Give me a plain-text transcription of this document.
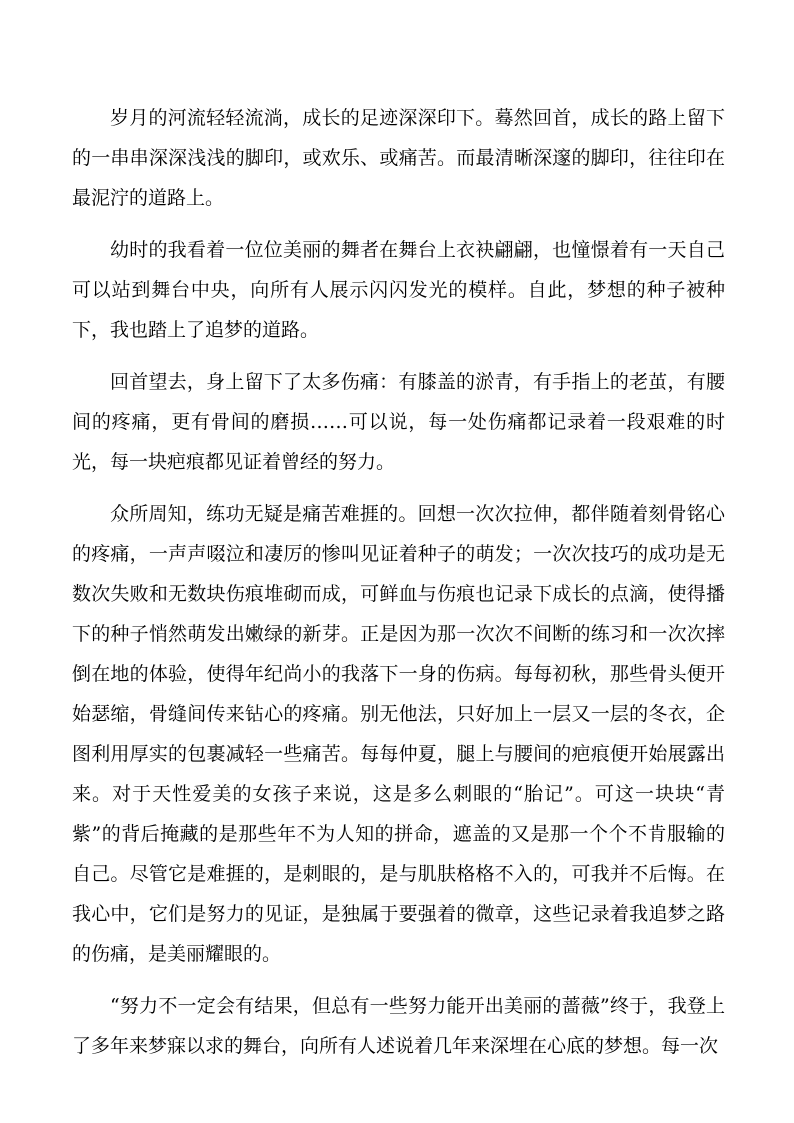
岁月的河流轻轻流淌，成长的足迹深深印下。蓦然回首，成长的路上留下的一串串深深浅浅的脚印，或欢乐、或痛苦。而最清晰深邃的脚印，往往印在最泥泞的道路上。

幼时的我看着一位位美丽的舞者在舞台上衣袂翩翩，也憧憬着有一天自己可以站到舞台中央，向所有人展示闪闪发光的模样。自此，梦想的种子被种下，我也踏上了追梦的道路。

回首望去，身上留下了太多伤痛：有膝盖的淤青，有手指上的老茧，有腰间的疼痛，更有骨间的磨损……可以说，每一处伤痛都记录着一段艰难的时光，每一块疤痕都见证着曾经的努力。

众所周知，练功无疑是痛苦难捱的。回想一次次拉伸，都伴随着刻骨铭心的疼痛，一声声啜泣和凄厉的惨叫见证着种子的萌发；一次次技巧的成功是无数次失败和无数块伤痕堆砌而成，可鲜血与伤痕也记录下成长的点滴，使得播下的种子悄然萌发出嫩绿的新芽。正是因为那一次次不间断的练习和一次次摔倒在地的体验，使得年纪尚小的我落下一身的伤病。每每初秋，那些骨头便开始瑟缩，骨缝间传来钻心的疼痛。别无他法，只好加上一层又一层的冬衣，企图利用厚实的包裹减轻一些痛苦。每每仲夏，腿上与腰间的疤痕便开始展露出来。对于天性爱美的女孩子来说，这是多么刺眼的“胎记”。可这一块块“青紫”的背后掩藏的是那些年不为人知的拼命，遮盖的又是那一个个不肯服输的自己。尽管它是难捱的，是刺眼的，是与肌肤格格不入的，可我并不后悔。在我心中，它们是努力的见证，是独属于要强着的微章，这些记录着我追梦之路的伤痛，是美丽耀眼的。

“努力不一定会有结果，但总有一些努力能开出美丽的蔷薇”终于，我登上了多年来梦寐以求的舞台，向所有人述说着几年来深埋在心底的梦想。每一次
